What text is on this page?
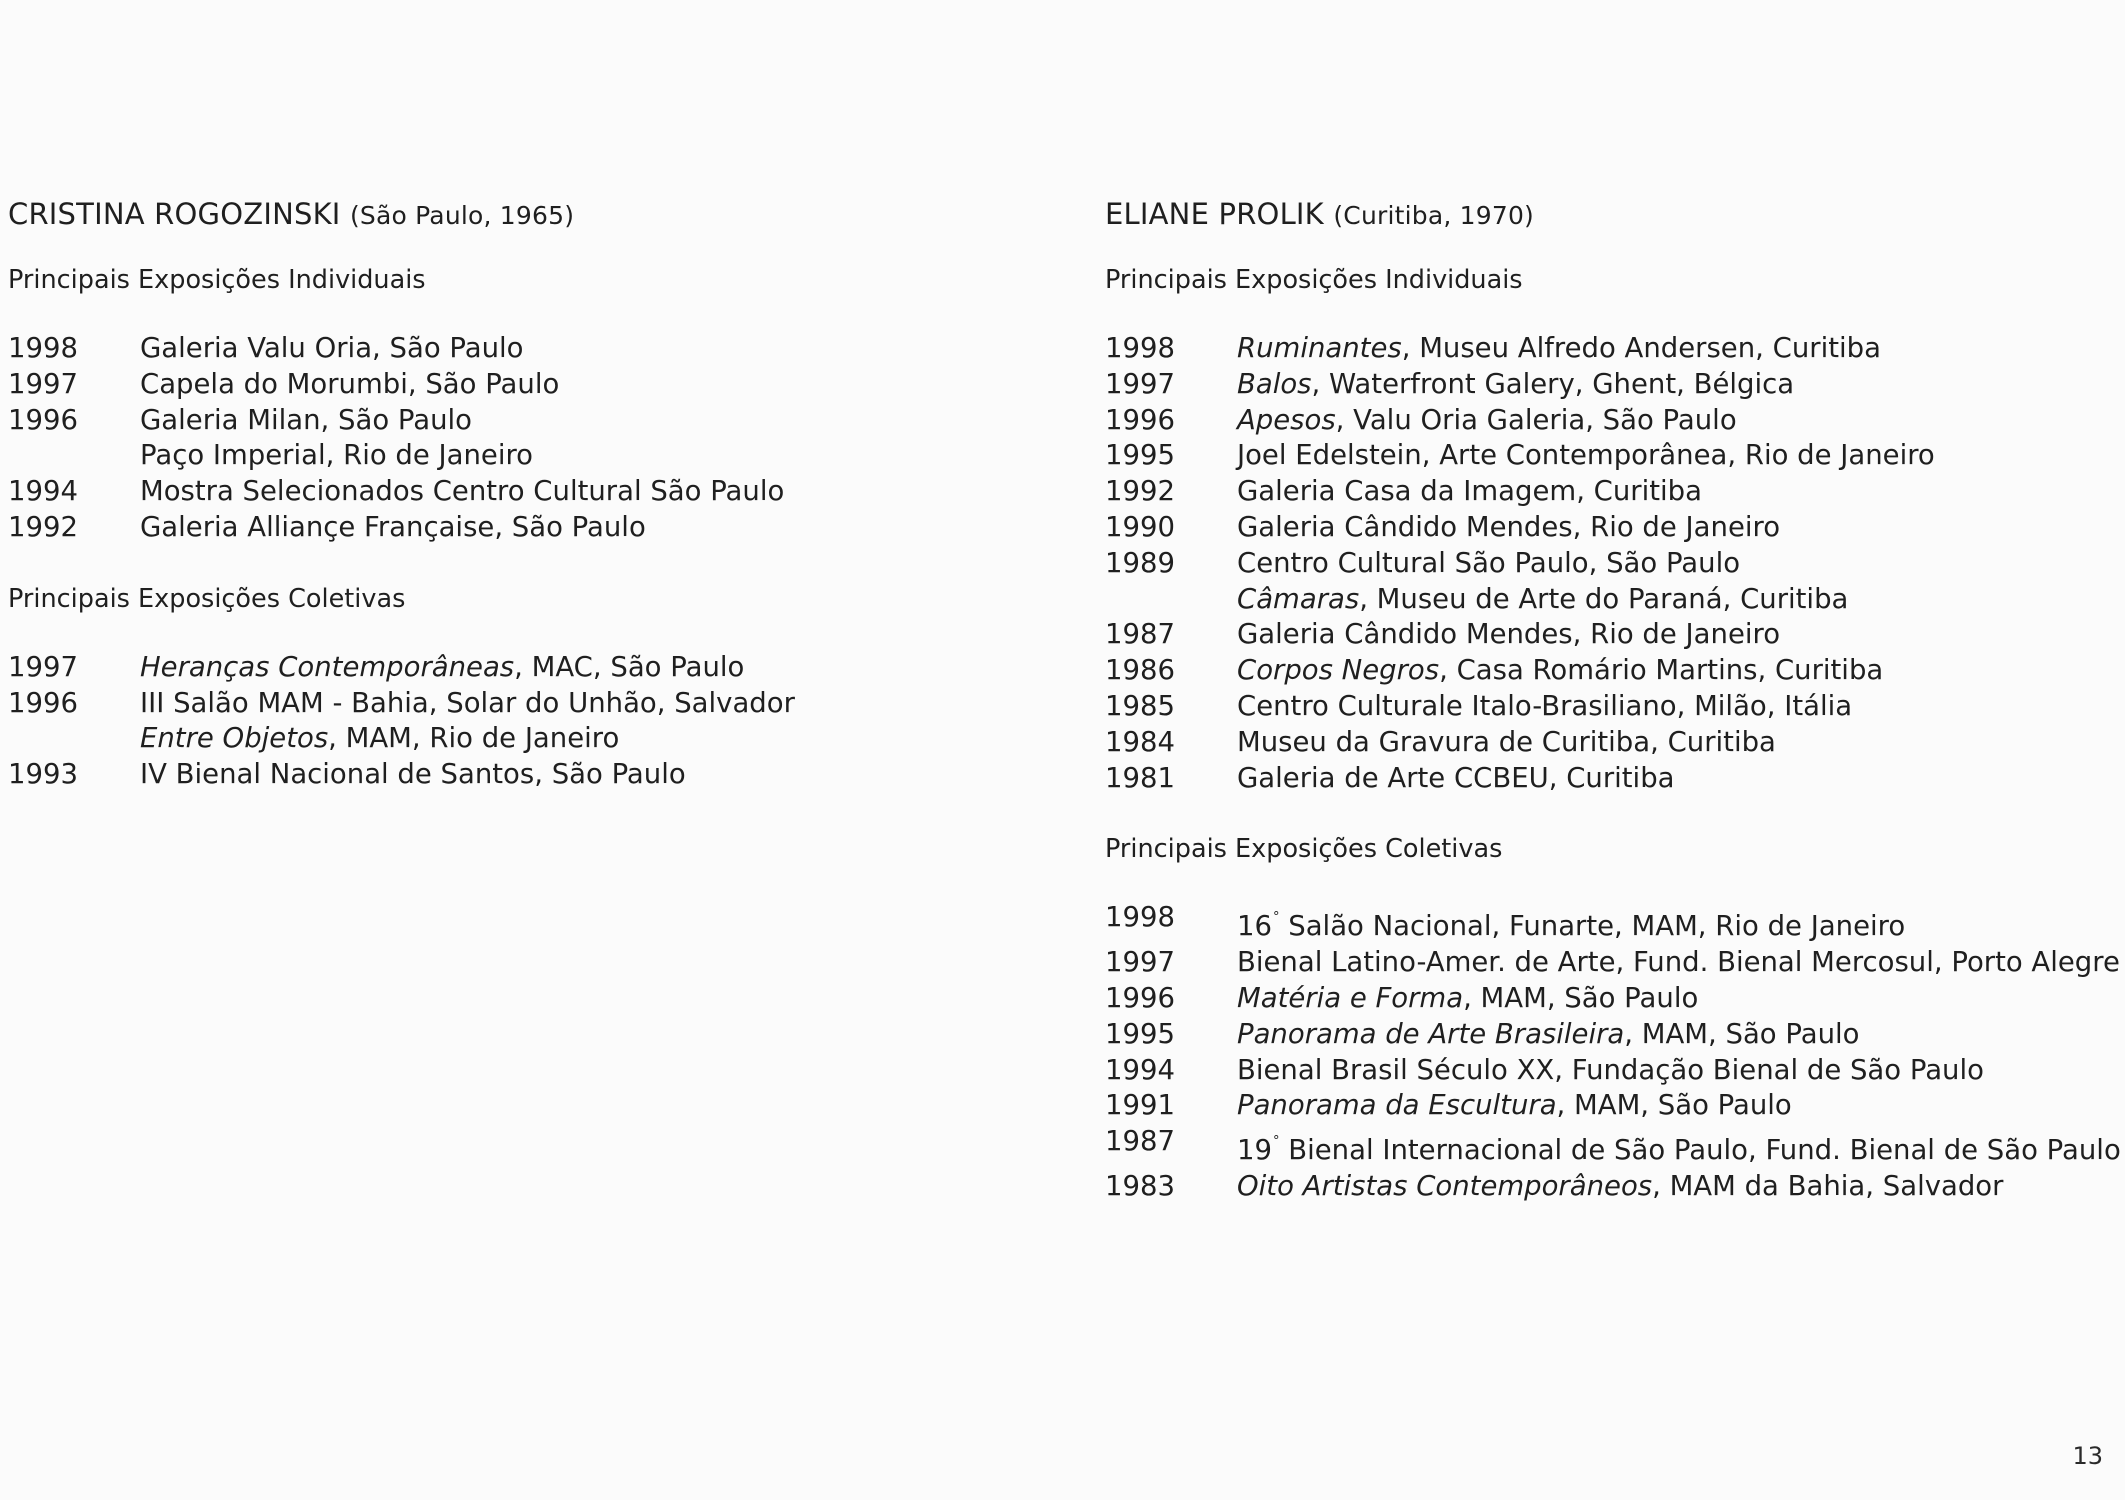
CRISTINA ROGOZINSKI (São Paulo, 1965)
Principais Exposições Individuais
1998	Galeria Valu Oria, São Paulo
1997	Capela do Morumbi, São Paulo
1996	Galeria Milan, São Paulo
Paço Imperial, Rio de Janeiro
1994	Mostra Selecionados Centro Cultural São Paulo
1992	Galeria Alliançe Française, São Paulo
Principais Exposições Coletivas
1997	Heranças Contemporâneas, MAC, São Paulo
1996	III Salão MAM - Bahia, Solar do Unhão, Salvador
Entre Objetos, MAM, Rio de Janeiro
1993	IV Bienal Nacional de Santos, São Paulo
ELIANE PROLIK (Curitiba, 1970)
Principais Exposições Individuais
1998	Ruminantes, Museu Alfredo Andersen, Curitiba
1997	Balos, Waterfront Galery, Ghent, Bélgica
1996	Apesos, Valu Oria Galeria, São Paulo
1995	Joel Edelstein, Arte Contemporânea, Rio de Janeiro
1992	Galeria Casa da Imagem, Curitiba
1990	Galeria Cândido Mendes, Rio de Janeiro
1989	Centro Cultural São Paulo, São Paulo
Câmaras, Museu de Arte do Paraná, Curitiba
1987	Galeria Cândido Mendes, Rio de Janeiro
1986	Corpos Negros, Casa Romário Martins, Curitiba
1985	Centro Culturale Italo-Brasiliano, Milão, Itália
1984	Museu da Gravura de Curitiba, Curitiba
1981	Galeria de Arte CCBEU, Curitiba
Principais Exposições Coletivas
1998	16° Salão Nacional, Funarte, MAM, Rio de Janeiro
1997	Bienal Latino-Amer. de Arte, Fund. Bienal Mercosul, Porto Alegre
1996	Matéria e Forma, MAM, São Paulo
1995	Panorama de Arte Brasileira, MAM, São Paulo
1994	Bienal Brasil Século XX, Fundação Bienal de São Paulo
1991	Panorama da Escultura, MAM, São Paulo
1987	19° Bienal Internacional de São Paulo, Fund. Bienal de São Paulo
1983	Oito Artistas Contemporâneos, MAM da Bahia, Salvador
13
